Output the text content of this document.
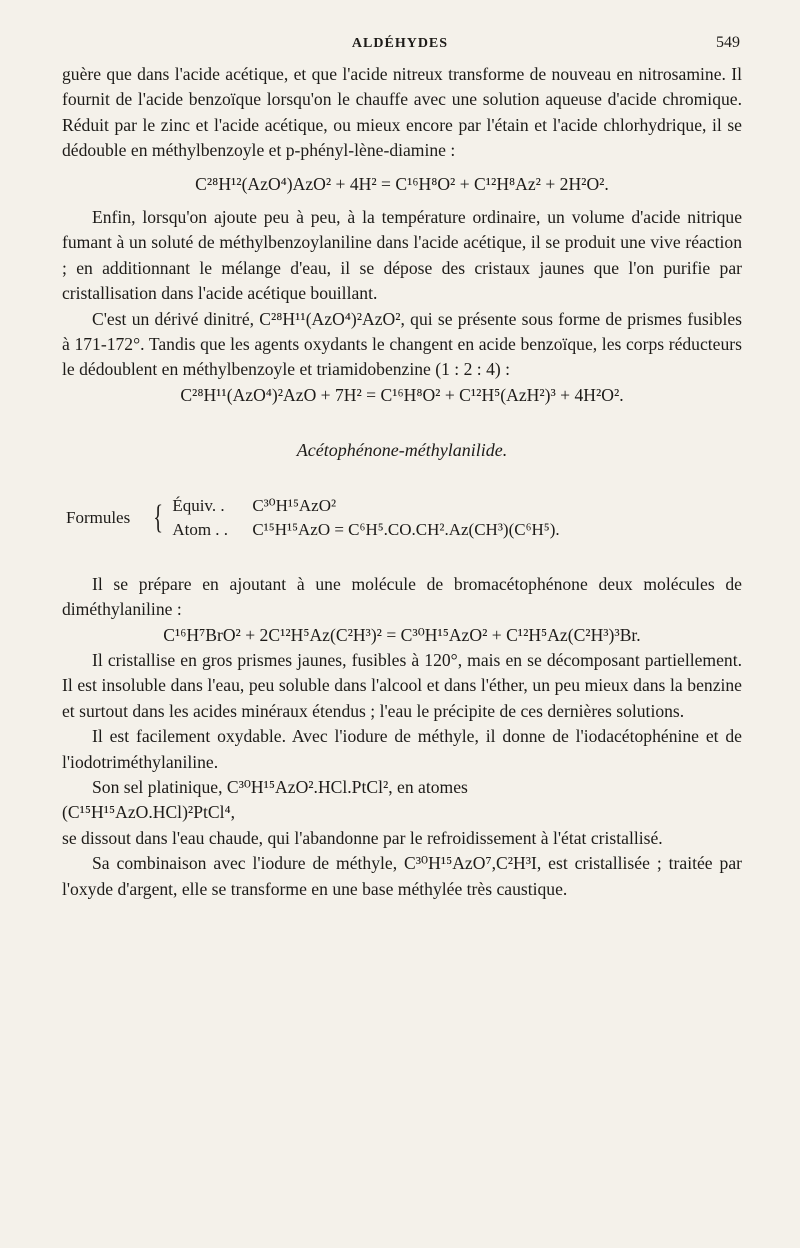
ALDÉHYDES	549

guère que dans l'acide acétique, et que l'acide nitreux transforme de nouveau en nitrosamine. Il fournit de l'acide benzoïque lorsqu'on le chauffe avec une solution aqueuse d'acide chromique. Réduit par le zinc et l'acide acétique, ou mieux encore par l'étain et l'acide chlorhydrique, il se dédouble en méthylbenzoyle et p-phényl-lène-diamine :

C²⁸H¹²(AzO⁴)AzO² + 4H² = C¹⁶H⁸O² + C¹²H⁸Az² + 2H²O².

Enfin, lorsqu'on ajoute peu à peu, à la température ordinaire, un volume d'acide nitrique fumant à un soluté de méthylbenzoylaniline dans l'acide acétique, il se produit une vive réaction ; en additionnant le mélange d'eau, il se dépose des cristaux jaunes que l'on purifie par cristallisation dans l'acide acétique bouillant.

C'est un dérivé dinitré, C²⁸H¹¹(AzO⁴)²AzO², qui se présente sous forme de prismes fusibles à 171-172°. Tandis que les agents oxydants le changent en acide benzoïque, les corps réducteurs le dédoublent en méthylbenzoyle et triamidobenzine (1 : 2 : 4) :

C²⁸H¹¹(AzO⁴)²AzO + 7H² = C¹⁶H⁸O² + C¹²H⁵(AzH²)³ + 4H²O².

Acétophénone-méthylanilide.

Formules { Équiv. .	C³⁰H¹⁵AzO²
Atom . .	C¹⁵H¹⁵AzO = C⁶H⁵.CO.CH².Az(CH³)(C⁶H⁵).

Il se prépare en ajoutant à une molécule de bromacétophénone deux molécules de diméthylaniline :

C¹⁶H⁷BrO² + 2C¹²H⁵Az(C²H³)² = C³⁰H¹⁵AzO² + C¹²H⁵Az(C²H³)³Br.

Il cristallise en gros prismes jaunes, fusibles à 120°, mais en se décomposant partiellement. Il est insoluble dans l'eau, peu soluble dans l'alcool et dans l'éther, un peu mieux dans la benzine et surtout dans les acides minéraux étendus ; l'eau le précipite de ces dernières solutions.

Il est facilement oxydable. Avec l'iodure de méthyle, il donne de l'iodacétophénine et de l'iodotriméthylaniline.

Son sel platinique, C³⁰H¹⁵AzO².HCl.PtCl², en atomes

(C¹⁵H¹⁵AzO.HCl)²PtCl⁴,

se dissout dans l'eau chaude, qui l'abandonne par le refroidissement à l'état cristallisé.

Sa combinaison avec l'iodure de méthyle, C³⁰H¹⁵AzO⁷,C²H³I, est cristallisée ; traitée par l'oxyde d'argent, elle se transforme en une base méthylée très caustique.
